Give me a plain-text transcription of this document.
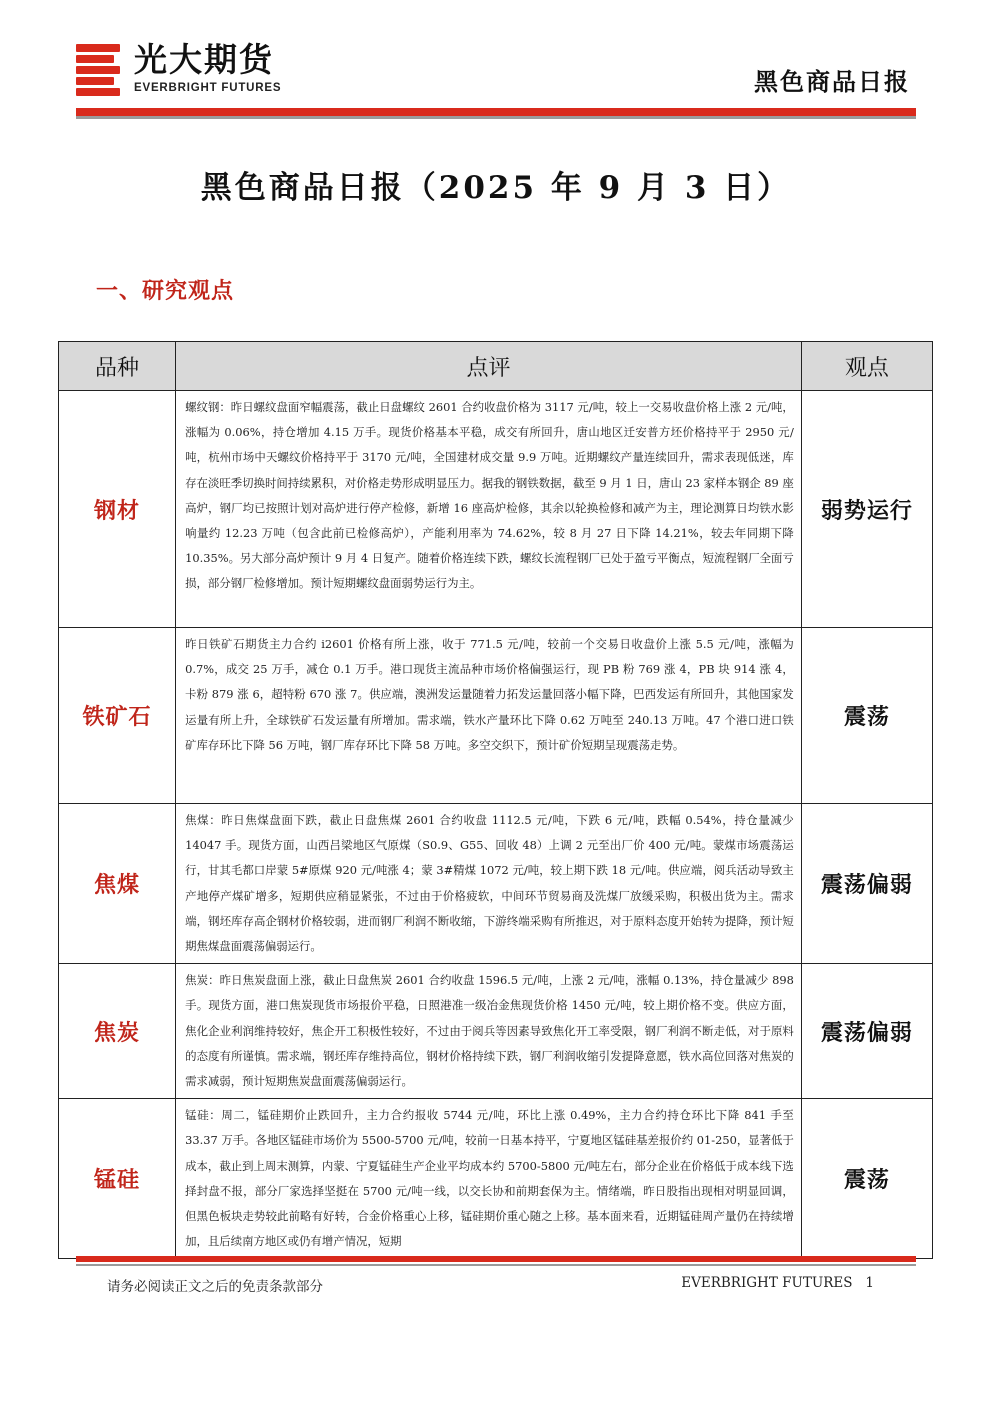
光大期货
EVERBRIGHT FUTURES	黑色商品日报
黑色商品日报（2025 年 9 月 3 日）
一、研究观点
品种	点评	观点
钢材	螺纹钢：昨日螺纹盘面窄幅震荡，截止日盘螺纹 2601 合约收盘价格为 3117 元/吨，较上一交易收盘价格上涨 2 元/吨，涨幅为 0.06%，持仓增加 4.15 万手。现货价格基本平稳，成交有所回升，唐山地区迁安普方坯价格持平于 2950 元/吨，杭州市场中天螺纹价格持平于 3170 元/吨，全国建材成交量 9.9 万吨。近期螺纹产量连续回升，需求表现低迷，库存在淡旺季切换时间持续累积，对价格走势形成明显压力。据我的钢铁数据，截至 9 月 1 日，唐山 23 家样本钢企 89 座高炉，钢厂均已按照计划对高炉进行停产检修，新增 16 座高炉检修，其余以轮换检修和减产为主，理论测算日均铁水影响量约 12.23 万吨（包含此前已检修高炉），产能利用率为 74.62%，较 8 月 27 日下降 14.21%，较去年同期下降 10.35%。另大部分高炉预计 9 月 4 日复产。随着价格连续下跌，螺纹长流程钢厂已处于盈亏平衡点，短流程钢厂全面亏损，部分钢厂检修增加。预计短期螺纹盘面弱势运行为主。	弱势运行
铁矿石	昨日铁矿石期货主力合约 i2601 价格有所上涨，收于 771.5 元/吨，较前一个交易日收盘价上涨 5.5 元/吨，涨幅为 0.7%，成交 25 万手，减仓 0.1 万手。港口现货主流品种市场价格偏强运行，现 PB 粉 769 涨 4，PB 块 914 涨 4，卡粉 879 涨 6，超特粉 670 涨 7。供应端，澳洲发运量随着力拓发运量回落小幅下降，巴西发运有所回升，其他国家发运量有所上升，全球铁矿石发运量有所增加。需求端，铁水产量环比下降 0.62 万吨至 240.13 万吨。47 个港口进口铁矿库存环比下降 56 万吨，钢厂库存环比下降 58 万吨。多空交织下，预计矿价短期呈现震荡走势。	震荡
焦煤	焦煤：昨日焦煤盘面下跌，截止日盘焦煤 2601 合约收盘 1112.5 元/吨，下跌 6 元/吨，跌幅 0.54%，持仓量减少 14047 手。现货方面，山西吕梁地区气原煤（S0.9、G55、回收 48）上调 2 元至出厂价 400 元/吨。蒙煤市场震荡运行，甘其毛都口岸蒙 5#原煤 920 元/吨涨 4；蒙 3#精煤 1072 元/吨，较上期下跌 18 元/吨。供应端，阅兵活动导致主产地停产煤矿增多，短期供应稍显紧张，不过由于价格疲软，中间环节贸易商及洗煤厂放缓采购，积极出货为主。需求端，钢坯库存高企钢材价格较弱，进而钢厂利润不断收缩，下游终端采购有所推迟，对于原料态度开始转为提降，预计短期焦煤盘面震荡偏弱运行。	震荡偏弱
焦炭	焦炭：昨日焦炭盘面上涨，截止日盘焦炭 2601 合约收盘 1596.5 元/吨，上涨 2 元/吨，涨幅 0.13%，持仓量减少 898 手。现货方面，港口焦炭现货市场报价平稳，日照港准一级冶金焦现货价格 1450 元/吨，较上期价格不变。供应方面，焦化企业利润维持较好，焦企开工积极性较好，不过由于阅兵等因素导致焦化开工率受限，钢厂利润不断走低，对于原料的态度有所谨慎。需求端，钢坯库存维持高位，钢材价格持续下跌，钢厂利润收缩引发提降意愿，铁水高位回落对焦炭的需求减弱，预计短期焦炭盘面震荡偏弱运行。	震荡偏弱
锰硅	锰硅：周二，锰硅期价止跌回升，主力合约报收 5744 元/吨，环比上涨 0.49%，主力合约持仓环比下降 841 手至 33.37 万手。各地区锰硅市场价为 5500-5700 元/吨，较前一日基本持平，宁夏地区锰硅基差报价约 01-250，显著低于成本，截止到上周末测算，内蒙、宁夏锰硅生产企业平均成本约 5700-5800 元/吨左右，部分企业在价格低于成本线下选择封盘不报，部分厂家选择坚挺在 5700 元/吨一线，以交长协和前期套保为主。情绪端，昨日股指出现相对明显回调，但黑色板块走势较此前略有好转，合金价格重心上移，锰硅期价重心随之上移。基本面来看，近期锰硅周产量仍在持续增加，且后续南方地区或仍有增产情况，短期	震荡
请务必阅读正文之后的免责条款部分	EVERBRIGHT FUTURES 1
